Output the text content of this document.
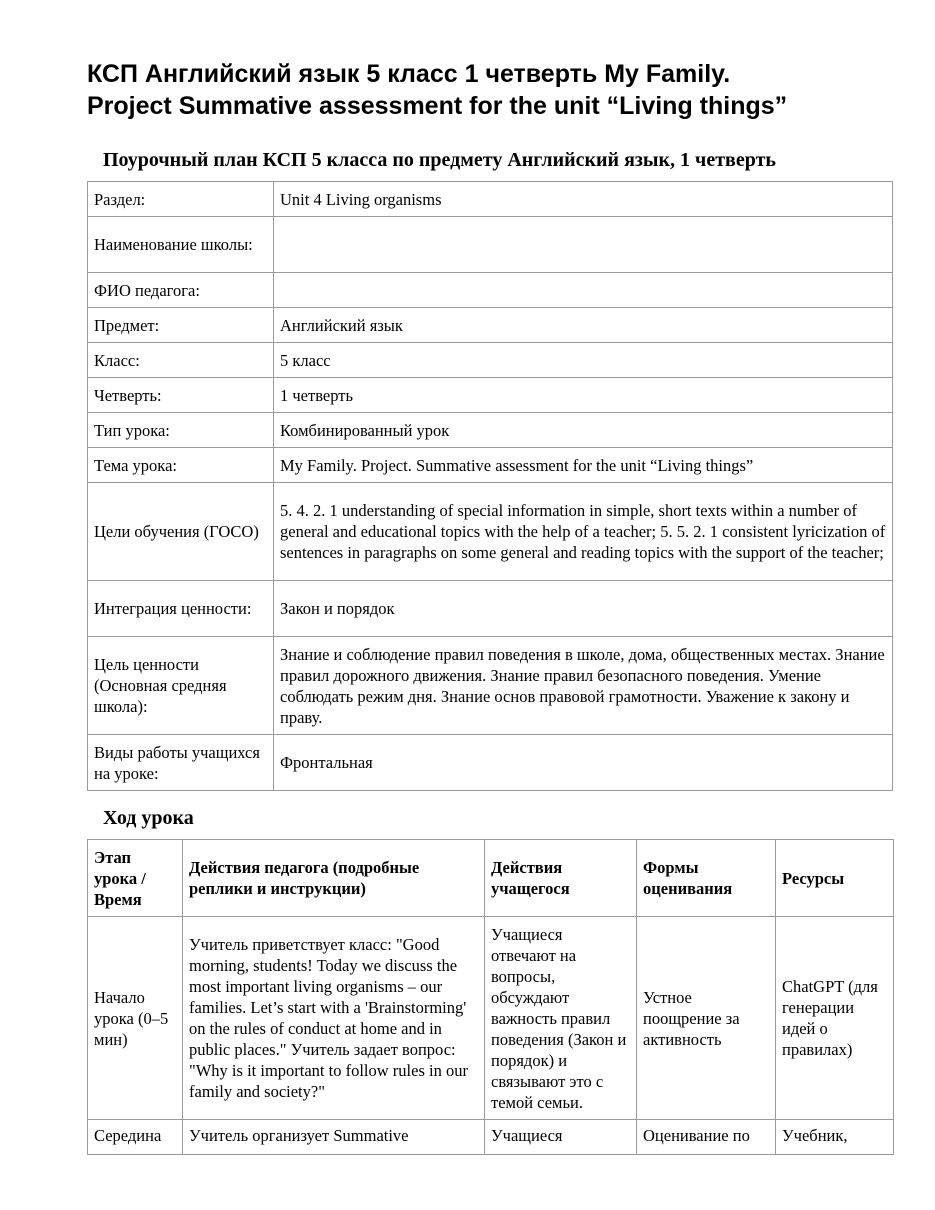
КСП Английский язык 5 класс 1 четверть My Family.
Project Summative assessment for the unit “Living things”
Поурочный план КСП 5 класса по предмету Английский язык, 1 четверть
Раздел:	Unit 4 Living organisms
Наименование школы:	
ФИО педагога:	
Предмет:	Английский язык
Класс:	5 класс
Четверть:	1 четверть
Тип урока:	Комбинированный урок
Тема урока:	My Family. Project. Summative assessment for the unit “Living things”
Цели обучения (ГОСО)	5. 4. 2. 1 understanding of special information in simple, short texts within a number of general and educational topics with the help of a teacher; 5. 5. 2. 1 consistent lyricization of sentences in paragraphs on some general and reading topics with the support of the teacher;
Интеграция ценности:	Закон и порядок
Цель ценности (Основная средняя школа):	Знание и соблюдение правил поведения в школе, дома, общественных местах. Знание правил дорожного движения. Знание правил безопасного поведения. Умение соблюдать режим дня. Знание основ правовой грамотности. Уважение к закону и праву.
Виды работы учащихся на уроке:	Фронтальная
Ход урока
Этап урока / Время	Действия педагога (подробные реплики и инструкции)	Действия учащегося	Формы оценивания	Ресурсы
Начало урока (0–5 мин)	Учитель приветствует класс: "Good morning, students! Today we discuss the most important living organisms – our families. Let’s start with a 'Brainstorming' on the rules of conduct at home and in public places." Учитель задает вопрос: "Why is it important to follow rules in our family and society?"	Учащиеся отвечают на вопросы, обсуждают важность правил поведения (Закон и порядок) и связывают это с темой семьи.	Устное поощрение за активность	ChatGPT (для генерации идей о правилах)
Середина	Учитель организует Summative	Учащиеся	Оценивание по	Учебник,
